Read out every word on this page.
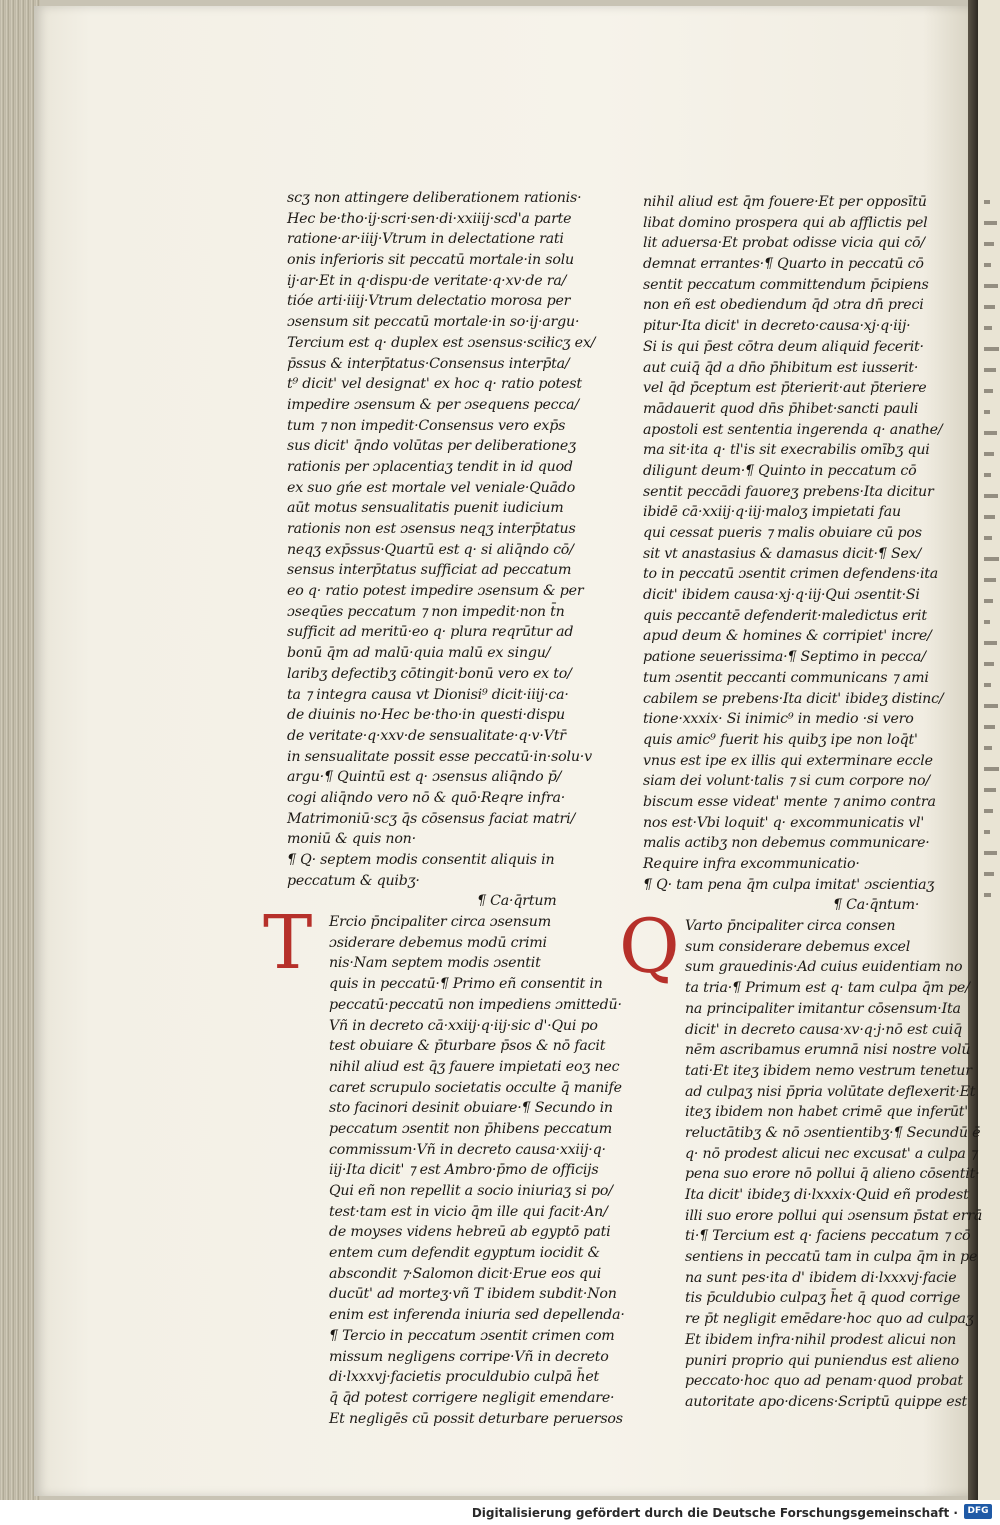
scʒ non attingere deliberationem rationis·
Hec be·tho·ij·scri·sen·di·xxiiij·scd'a parte
ratione·ar·iiij·Vtrum in delectatione rati
onis inferioris sit peccatū mortale·in solu
ij·ar·Et in q·dispu·de veritate·q·xv·de ra/
tióe arti·iiij·Vtrum delectatio morosa per
ɔsensum sit peccatū mortale·in so·ij·argu·
Tercium est q· duplex est ɔsensus·sciłicʒ ex/
p̄ssus & interp̄tatus·Consensus interp̄ta/
t⁹ dicit' vel designat' ex hoc q· ratio potest
impedire ɔsensum & per ɔsequens pecca/
tum ⁊ non impedit·Consensus vero exp̄s
sus dicit' q̄ndo volūtas per deliberationeʒ
rationis per ɔplacentiaʒ tendit in id quod
ex suo gńe est mortale vel veniale·Quādo
aūt motus sensualitatis puenit iudicium
rationis non est ɔsensus neqʒ interp̄tatus
neqʒ exp̄ssus·Quartū est q· si aliq̄ndo cō/
sensus interp̄tatus sufficiat ad peccatum
eo q· ratio potest impedire ɔsensum & per
ɔseqūes peccatum ⁊ non impedit·non t̄n
sufficit ad meritū·eo q· plura reqrūtur ad
bonū q̄m ad malū·quia malū ex singu/
laribʒ defectibʒ cōtingit·bonū vero ex to/
ta ⁊ integra causa vt Dionisi⁹ dicit·iiij·ca·
de diuinis no·Hec be·tho·in questi·dispu
de veritate·q·xxv·de sensualitate·q·v·Vtr̄
in sensualitate possit esse peccatū·in·solu·v
argu·¶ Quintū est q· ɔsensus aliq̄ndo p̄/
cogi aliq̄ndo vero nō & quō·Reqre infra·
Matrimoniū·scʒ q̄s cōsensus faciat matri/
moniū & quis non·
¶ Q· septem modis consentit aliquis in
peccatum & quibʒ·
¶ Ca·q̄rtum
T	Ercio p̄ncipaliter circa ɔsensum
ɔsiderare debemus modū crimi
nis·Nam septem modis ɔsentit
quis in peccatū·¶ Primo eñ consentit in
peccatū·peccatū non impediens ɔmittedū·
Vñ in decreto cā·xxiij·q·iij·sic d'·Qui po
test obuiare & p̄turbare p̄sos & nō facit
nihil aliud est q̄ʒ fauere impietati eoʒ nec
caret scrupulo societatis occulte q̄ manife
sto facinori desinit obuiare·¶ Secundo in
peccatum ɔsentit non p̄hibens peccatum
commissum·Vñ in decreto causa·xxiij·q·
iij·Ita dicit' ⁊ est Ambro·p̄mo de officijs
Qui eñ non repellit a socio iniuriaʒ si po/
test·tam est in vicio q̄m ille qui facit·An/
de moyses videns hebreū ab egyptō pati
entem cum defendit egyptum iocidit &
abscondit ⁊·Salomon dicit·Erue eos qui
ducūt' ad morteʒ·vñ T ibidem subdit·Non
enim est inferenda iniuria sed depellenda·
¶ Tercio in peccatum ɔsentit crimen com
missum negligens corripe·Vñ in decreto
di·lxxxvj·facietis proculdubio culpā h̄et
q̄ q̄d potest corrigere negligit emendare·
Et negligēs cū possit deturbare peruersos
nihil aliud est q̄m fouere·Et per opposītū
libat domino prospera qui ab afflictis pel
lit aduersa·Et probat odisse vicia qui cō/
demnat errantes·¶ Quarto in peccatū cō
sentit peccatum committendum p̄cipiens
non eñ est obediendum q̄d ɔtra dn̄ preci
pitur·Ita dicit' in decreto·causa·xj·q·iij·
Si is qui p̄est cōtra deum aliquid fecerit·
aut cuiq̄ q̄d a dn̄o p̄hibitum est iusserit·
vel q̄d p̄ceptum est p̄terierit·aut p̄teriere
mādauerit quod dn̄s p̄hibet·sancti pauli
apostoli est sententia ingerenda q· anathe/
ma sit·ita q· tl'is sit execrabilis omībʒ qui
diligunt deum·¶ Quinto in peccatum cō
sentit peccādi fauoreʒ prebens·Ita dicitur
ibidē cā·xxiij·q·iij·maloʒ impietati fau
qui cessat pueris ⁊ malis obuiare cū pos
sit vt anastasius & damasus dicit·¶ Sex/
to in peccatū ɔsentit crimen defendens·ita
dicit' ibidem causa·xj·q·iij·Qui ɔsentit·Si
quis peccantē defenderit·maledictus erit
apud deum & homines & corripiet' incre/
patione seuerissima·¶ Septimo in pecca/
tum ɔsentit peccanti communicans ⁊ ami
cabilem se prebens·Ita dicit' ibideʒ distinc/
tione·xxxix· Si inimic⁹ in medio ·si vero
quis amic⁹ fuerit his quibʒ ipe non loq̄t'
vnus est ipe ex illis qui exterminare eccle
siam dei volunt·talis ⁊ si cum corpore no/
biscum esse videat' mente ⁊ animo contra
nos est·Vbi loquit' q· excommunicatis vl'
malis actibʒ non debemus communicare·
Require infra excommunicatio·
¶ Q· tam pena q̄m culpa imitat' ɔscientiaʒ
¶ Ca·q̄ntum·
Q Varto p̄ncipaliter circa consen
sum considerare debemus excel
sum grauedinis·Ad cuius euidentiam no
ta tria·¶ Primum est q· tam culpa q̄m pe/
na principaliter imitantur cōsensum·Ita
dicit' in decreto causa·xv·q·j·nō est cuiq̄
nēm ascribamus erumnā nisi nostre volū
tati·Et iteʒ ibidem nemo vestrum tenetur
ad culpaʒ nisi p̄pria volūtate deflexerit·Et
iteʒ ibidem non habet crimē que inferūt'
reluctātibʒ & nō ɔsentientibʒ·¶ Secundū ē
q· nō prodest alicui nec excusat' a culpa ⁊
pena suo erore nō pollui q̄ alieno cōsentit·
Ita dicit' ibideʒ di·lxxxix·Quid eñ prodest
illi suo erore pollui qui ɔsensum p̄stat errā
ti·¶ Tercium est q· faciens peccatum ⁊ cō
sentiens in peccatū tam in culpa q̄m in pe
na sunt pes·ita d' ibidem di·lxxxvj·facie
tis p̄culdubio culpaʒ h̄et q̄ quod corrige
re p̄t negligit emēdare·hoc quo ad culpaʒ
Et ibidem infra·nihil prodest alicui non
puniri proprio qui puniendus est alieno
peccato·hoc quo ad penam·quod probat
autoritate apo·dicens·Scriptū quippe est
Digitalisierung gefördert durch die Deutsche Forschungsgemeinschaft ·	DFG
